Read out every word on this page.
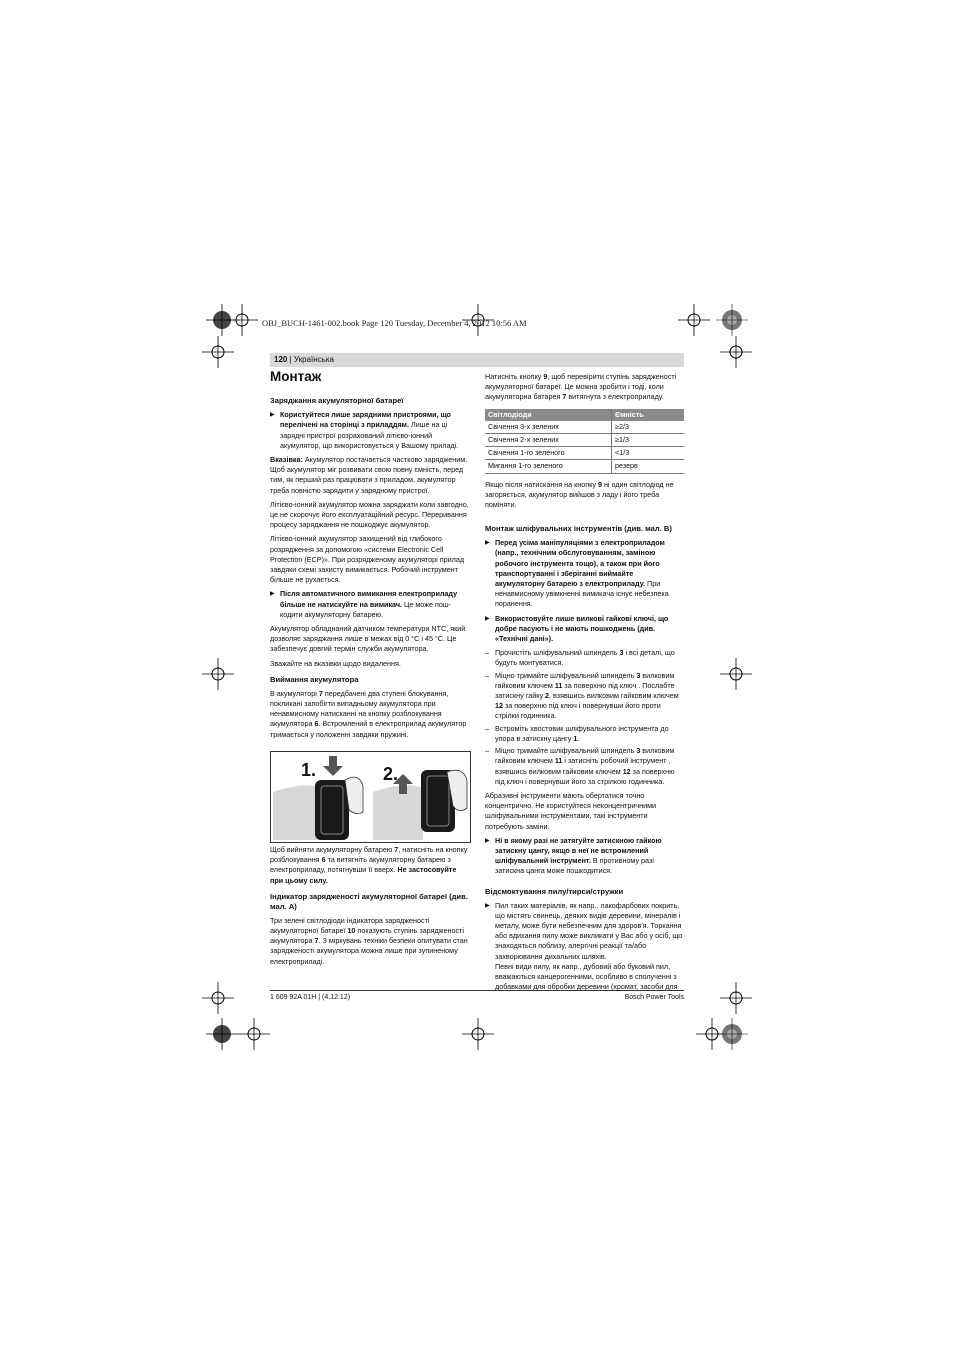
OBJ_BUCH-1461-002.book Page 120 Tuesday, December 4, 2012 10:56 AM
120 | Українська
Монтаж
Заряджання акумуляторної батареї
▶ Користуйтеся лише зарядними пристроями, що перелічені на сторінці з приладдям. Лише на ці зарядні пристрої розрахований літієво-іонний акумулятор, що використовується у Вашому приладі.

Вказівка: Акумулятор постачається частково зарядженим. Щоб акумулятор міг розвивати свою повну ємність, перед тим, як перший раз працювати з приладом, акумулятор треба повністю зарядити у зарядному пристрої.

Літієво-іонний акумулятор можна заряджати коли завгодно, це не скорочує його експлуатаційний ресурс. Переривання процесу заряджання не пошкоджує акумулятор.

Літієво-іонний акумулятор захищений від глибокого розрядження за допомогою «системи Electronic Cell Protection (ECP)». При розрядженому акумуляторі прилад завдяки схемі захисту вимикається. Робочий інструмент більше не рухається.

▶ Після автоматичного вимикання електроприладу більше не натискуйте на вимикач. Це може пош-кодити акумуляторну батарею.

Акумулятор обладнаний датчиком температури NTC, який дозволяє заряджання лише в межах від 0 °C і 45 °C. Це забезпечує довгий термін служби акумулятора.

Зважайте на вказівки щодо видалення.

Виймання акумулятора

В акумуляторі 7 передбачені два ступені блокування, покликані запобігти випадньому акумулятора при ненавмисному натисканні на кнопку розблокування акумулятора 6. Встромлений в електроприлад акумулятор тримається у положенні завдяки пружині.

1.	2.

Щоб вийняти акумуляторну батарею 7, натисніть на кнопку розблокування 6 та витягніть акумуляторну батарею з електроприладу, потягнувши її вверх. Не застосовуйте при цьому силу.

Індикатор зарядженості акумуляторної батареї (див. мал. A)

Три зелені світлодіоди індикатора зарядженості акумуляторної батареї 10 показують ступінь зарядженості акумулятора 7. З міркувань техніки безпеки опитувати стан зарядженості акумулятора можна лише при зупиненому електроприладі.

Натисніть кнопку 9, щоб перевірити ступінь зарядженості акумуляторної батареї. Це можна зробити і тоді, коли акумуляторна батарея 7 витягнута з електроприладу.

Світлодіоди	Ємність
Свічення 3-х зелених	≥2/3
Свічення 2-х зелених	≥1/3
Свічення 1-го зеленого	<1/3
Мигання 1-го зеленого	резерв

Якщо після натискання на кнопку 9 ні один світлодіод не загоряється, акумулятор вийшов з ладу і його треба поміняти.

Монтаж шліфувальних інструментів (див. мал. B)
▶ Перед усіма маніпуляціями з електроприладом (напр., технічним обслуговуванням, заміною робочого інструмента тощо), а також при його транспортуванні і зберіганні виймайте акумуляторну батарею з електроприладу. При ненавмисному увімкненні вимикача існує небезпека поранення.
▶ Використовуйте лише вилкові гайкові ключі, що добре пасують і не мають пошкоджень (див. «Технічні дані»).
– Прочистіть шліфувальний шпиндель 3 і всі деталі, що будуть монтуватися.
– Міцно тримайте шліфувальний шпиндель 3 вилковим гайковим ключем 11 за поверхню під ключ . Послабте затискну гайку 2, взявшись вилковим гайковим ключем 12 за поверхню під ключ і повернувши його проти стрілки годинника.
– Встроміть хвостовик шліфувального інструмента до упора в затискну цангу 1.
– Міцно тримайте шліфувальний шпиндель 3 вилковим гайковим ключем 11 і затисніть робочий інструмент , взявшись вилковим гайковим ключем 12 за поверхню під ключ і повернувши його за стрілкою годинника.

Абразивні інструменти мають обертатися точно концентрично. Не користуйтеся неконцентричними шліфувальними інструментами, такі інструменти потребують заміни.

▶ Ні в якому разі не затягуйте затискною гайкою затискну цангу, якщо в неї не встромлений шліфувальний інструмент. В противному разі затискна цанга може пошкодитися.
Відсмоктування пилу/тирси/стружки
▶ Пил таких матеріалів, як напр., лакофарбових покрить, що містять свинець, деяких видів деревини, мінералів і металу, може бути небезпечним для здоров'я. Торкання або вдихання пилу може викликати у Вас або у осіб, що знаходяться поблизу, алергічні реакції та/або захворювання дихальних шляхів.
Певні види пилу, як напр., дубовий або буковий пил, вважаються канцерогенними, особливо в сполученні з добавками для обробки деревини (хромат, засоби для
1 609 92A 01H | (4.12.12)	Bosch Power Tools
